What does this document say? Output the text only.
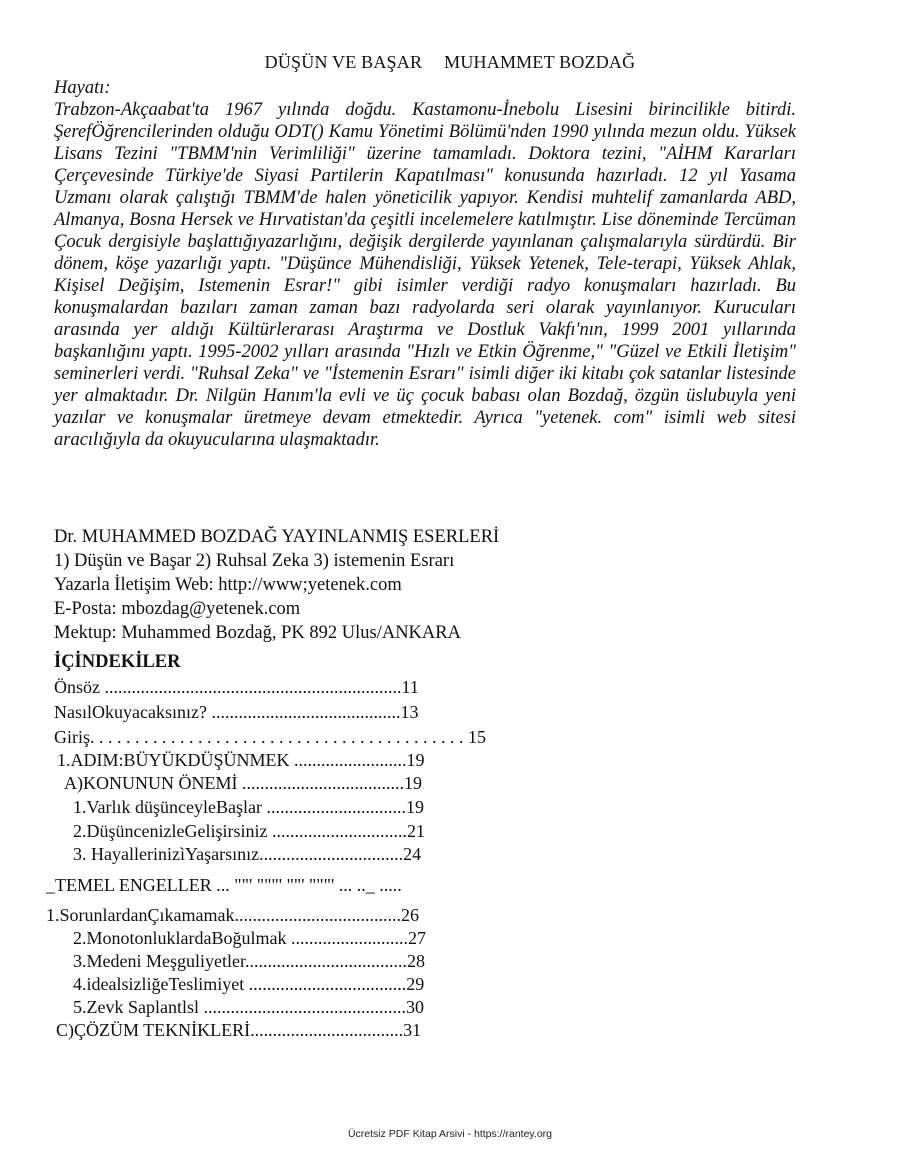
DÜŞÜN VE BAŞAR MUHAMMET BOZDAĞ
Hayatı:
Trabzon-Akçaabat'ta 1967 yılında doğdu. Kastamonu-İnebolu Lisesini birincilikle bitirdi. ŞerefÖğrencilerinden olduğu ODT() Kamu Yönetimi Bölümü'nden 1990 yılında mezun oldu. Yüksek Lisans Tezini "TBMM'nin Verimliliği" üzerine tamamladı. Doktora tezini, "AİHM Kararları Çerçevesinde Türkiye'de Siyasi Partilerin Kapatılması" konusunda hazırladı. 12 yıl Yasama Uzmanı olarak çalıştığı TBMM'de halen yöneticilik yapıyor. Kendisi muhtelif zamanlarda ABD, Almanya, Bosna Hersek ve Hırvatistan'da çeşitli incelemelere katılmıştır. Lise döneminde Tercüman Çocuk dergisiyle başlattığıyazarlığını, değişik dergilerde yayınlanan çalışmalarıyla sürdürdü. Bir dönem, köşe yazarlığı yaptı. "Düşünce Mühendisliği, Yüksek Yetenek, Tele-terapi, Yüksek Ahlak, Kişisel Değişim, Istemenin Esrar!" gibi isimler verdiği radyo konuşmaları hazırladı. Bu konuşmalardan bazıları zaman zaman bazı radyolarda seri olarak yayınlanıyor. Kurucuları arasında yer aldığı Kültürlerarası Araştırma ve Dostluk Vakfı'nın, 1999 2001 yıllarında başkanlığını yaptı. 1995-2002 yılları arasında "Hızlı ve Etkin Öğrenme," "Güzel ve Etkili İletişim" seminerleri verdi. "Ruhsal Zeka" ve "İstemenin Esrarı" isimli diğer iki kitabı çok satanlar listesinde yer almaktadır. Dr. Nilgün Hanım'la evli ve üç çocuk babası olan Bozdağ, özgün üslubuyla yeni yazılar ve konuşmalar üretmeye devam etmektedir. Ayrıca "yetenek. com" isimli web sitesi aracılığıyla da okuyucularına ulaşmaktadır.
Dr. MUHAMMED BOZDAĞ YAYINLANMIŞ ESERLERİ
1) Düşün ve Başar 2) Ruhsal Zeka 3) istemenin Esrarı
Yazarla İletişim Web: http://www;yetenek.com
E-Posta: mbozdag@yetenek.com
Mektup: Muhammed Bozdağ, PK 892 Ulus/ANKARA
İÇİNDEKİLER
Önsöz ..................................................................11
NasılOkuyacaksınız? ..........................................13
Giriş. . . . . . . . . . . . . . . . . . . . . . . . . . . . . . . . . . . . . . . . . . 15
1.ADIM:BÜYÜKDÜŞÜNMEK .........................19
A)KONUNUN ÖNEMİ ....................................19
1.Varlık düşünceyleBaşlar ...............................19
2.DüşüncenizleGelişirsiniz ..............................21
3. HayallerinizìYaşarsınız................................24
_TEMEL ENGELLER ... ""' """' ""' """' ... .._ .....
1.SorunlardanÇıkamamak.....................................26
2.MonotonluklardaBoğulmak ..........................27
3.Medeni Meşguliyetler....................................28
4.idealsizliğeTeslimiyet ...................................29
5.Zevk Saplantlsl .............................................30
C)ÇÖZÜM TEKNİKLERİ..................................31
Ücretsiz PDF Kitap Arsivi - https://rantey.org
